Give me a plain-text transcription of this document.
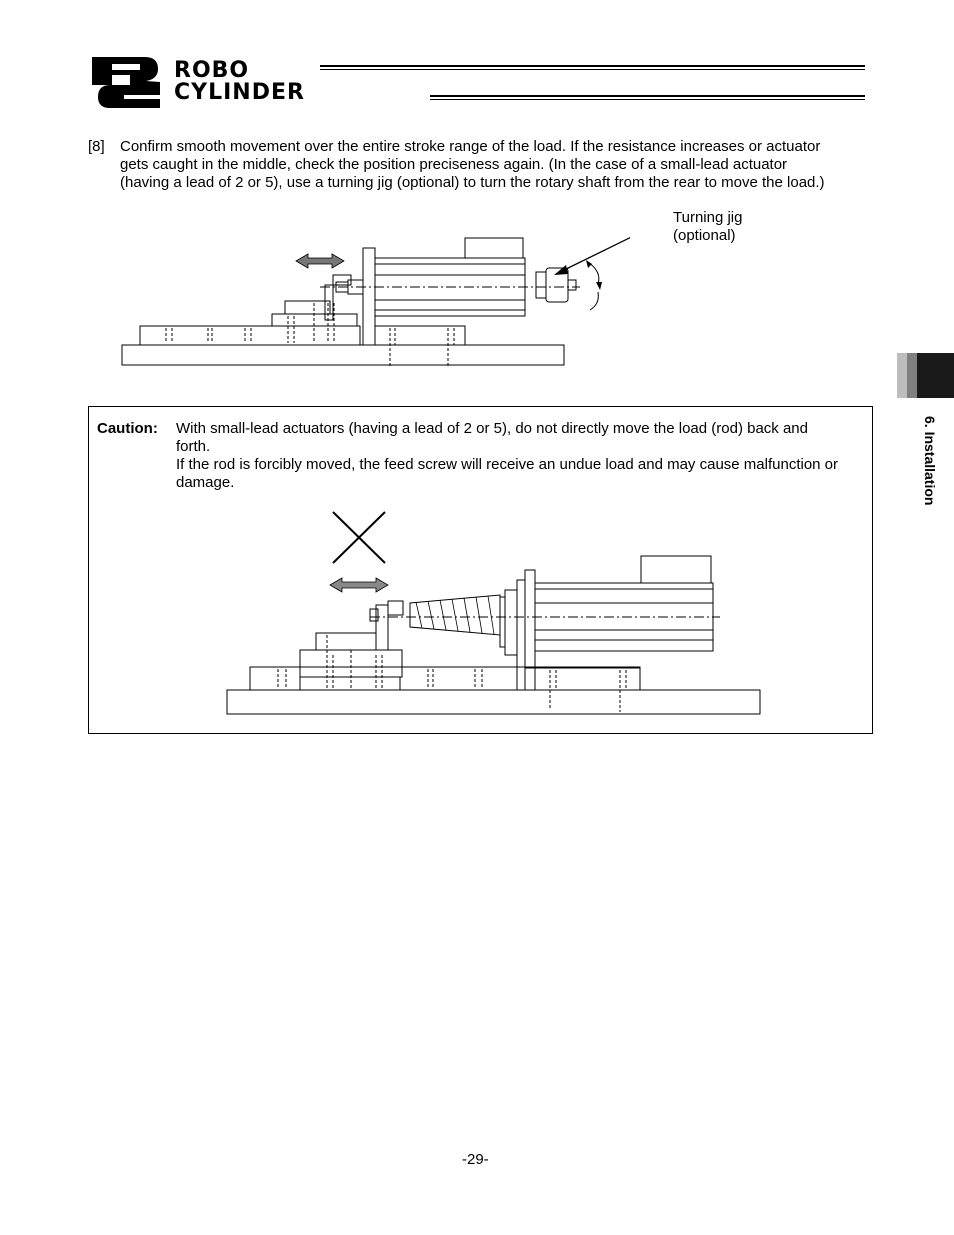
ROBO
CYLINDER
[8] Confirm smooth movement over the entire stroke range of the load. If the resistance increases or actuator
gets caught in the middle, check the position preciseness again. (In the case of a small-lead actuator
(having a lead of 2 or 5), use a turning jig (optional) to turn the rotary shaft from the rear to move the load.)
Turning jig
(optional)
Caution: With small-lead actuators (having a lead of 2 or 5), do not directly move the load (rod) back and
forth.
If the rod is forcibly moved, the feed screw will receive an undue load and may cause malfunction or
damage.	6. Installation
-29-
